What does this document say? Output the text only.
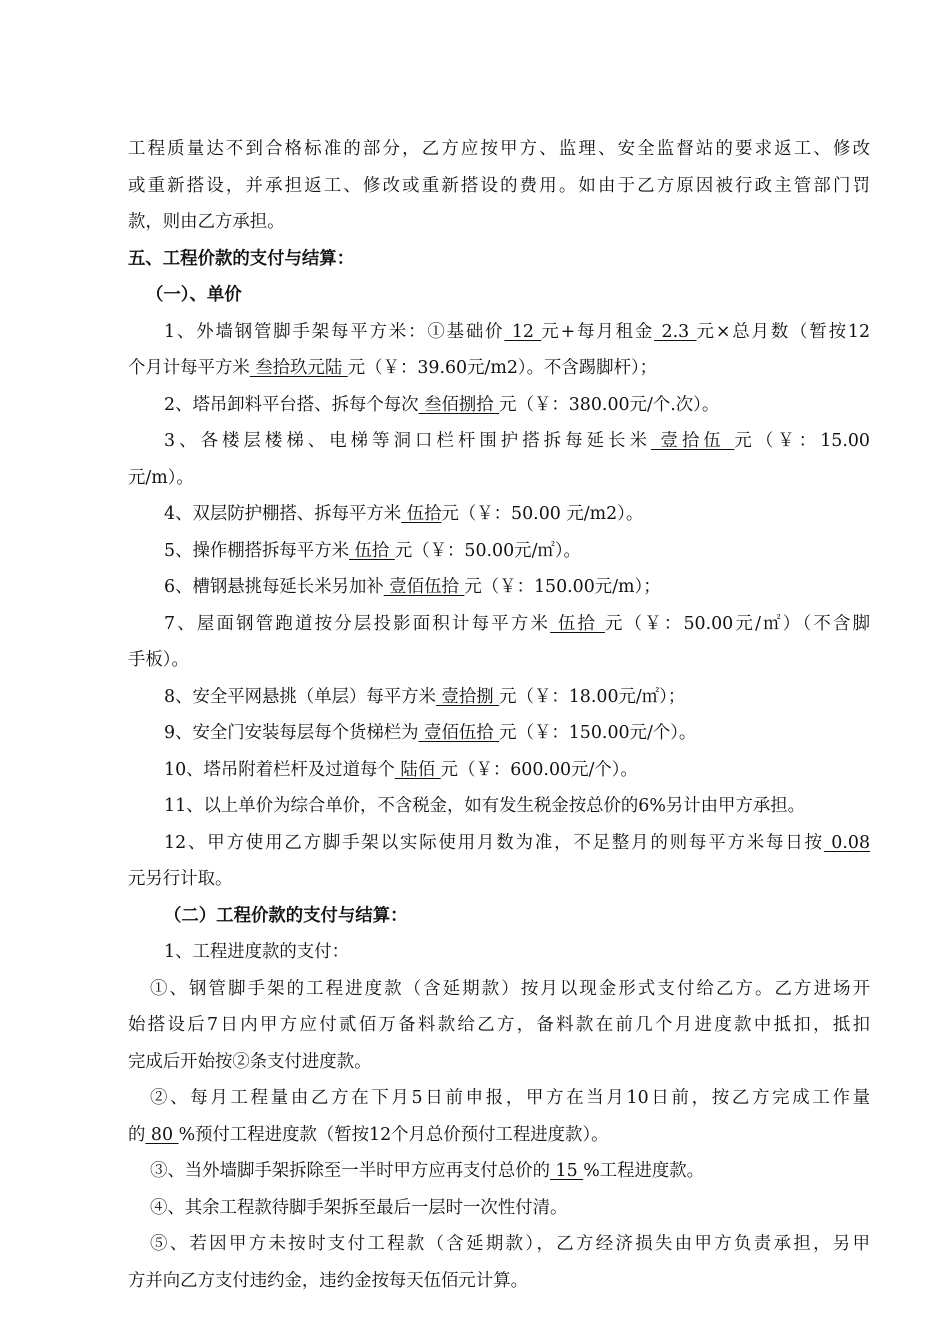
工程质量达不到合格标准的部分，乙方应按甲方、监理、安全监督站的要求返工、修改

或重新搭设，并承担返工、修改或重新搭设的费用。如由于乙方原因被行政主管部门罚

款，则由乙方承担。

五、工程价款的支付与结算：

（一）、单价

1、外墙钢管脚手架每平方米：①基础价 12 元+每月租金 2.3 元×总月数（暂按12

个月计每平方米 叁拾玖元陆 元（￥：39.60元/m2）。不含踢脚杆）；

2、塔吊卸料平台搭、拆每个每次 叁佰捌拾 元（￥：380.00元/个.次）。

3、各楼层楼梯、电梯等洞口栏杆围护搭拆每延长米 壹拾伍 元（￥：15.00

元/m）。

4、双层防护棚搭、拆每平方米 伍拾元（￥：50.00 元/m2）。

5、操作棚搭拆每平方米 伍拾 元（￥：50.00元/㎡）。

6、槽钢悬挑每延长米另加补 壹佰伍拾 元（￥：150.00元/m）；

7、屋面钢管跑道按分层投影面积计每平方米 伍拾 元（￥：50.00元/㎡）（不含脚

手板）。

8、安全平网悬挑（单层）每平方米 壹拾捌 元（￥：18.00元/㎡）；

9、安全门安装每层每个货梯栏为 壹佰伍拾 元（￥：150.00元/个）。

10、塔吊附着栏杆及过道每个 陆佰 元（￥：600.00元/个）。

11、以上单价为综合单价，不含税金，如有发生税金按总价的6%另计由甲方承担。

12、甲方使用乙方脚手架以实际使用月数为准，不足整月的则每平方米每日按 0.08

元另行计取。

（二）工程价款的支付与结算：

1、工程进度款的支付：

①、钢管脚手架的工程进度款（含延期款）按月以现金形式支付给乙方。乙方进场开

始搭设后7日内甲方应付贰佰万备料款给乙方，备料款在前几个月进度款中抵扣，抵扣

完成后开始按②条支付进度款。

②、每月工程量由乙方在下月5日前申报，甲方在当月10日前，按乙方完成工作量

的 80 %预付工程进度款（暂按12个月总价预付工程进度款）。

③、当外墙脚手架拆除至一半时甲方应再支付总价的 15 %工程进度款。

④、其余工程款待脚手架拆至最后一层时一次性付清。

⑤、若因甲方未按时支付工程款（含延期款），乙方经济损失由甲方负责承担，另甲

方并向乙方支付违约金，违约金按每天伍佰元计算。
